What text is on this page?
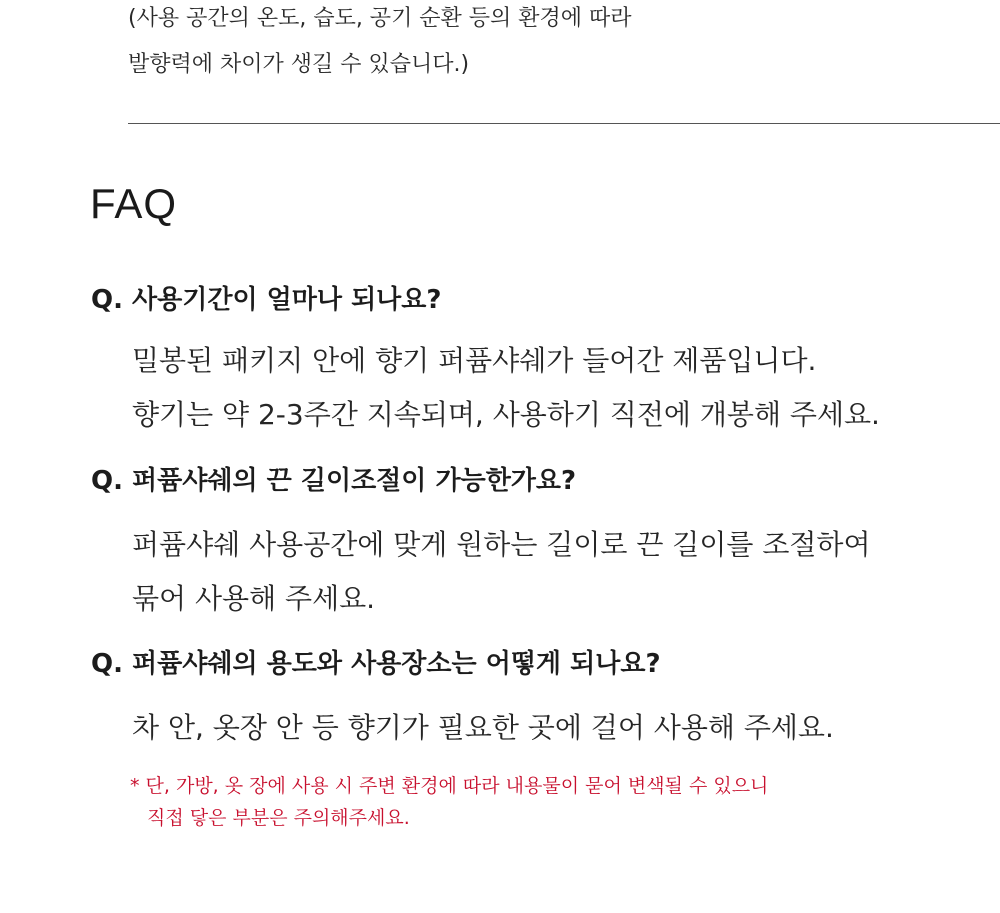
(사용 공간의 온도, 습도, 공기 순환 등의 환경에 따라
발향력에 차이가 생길 수 있습니다.)
FAQ
Q. 사용기간이 얼마나 되나요?
밀봉된 패키지 안에 향기 퍼퓸샤쉐가 들어간 제품입니다.
향기는 약 2-3주간 지속되며, 사용하기 직전에 개봉해 주세요.
Q. 퍼퓸샤쉐의 끈 길이조절이 가능한가요?
퍼퓸샤쉐 사용공간에 맞게 원하는 길이로 끈 길이를 조절하여
묶어 사용해 주세요.
Q. 퍼퓸샤쉐의 용도와 사용장소는 어떻게 되나요?
차 안, 옷장 안 등 향기가 필요한 곳에 걸어 사용해 주세요.
* 단, 가방, 옷 장에 사용 시 주변 환경에 따라 내용물이 묻어 변색될 수 있으니
직접 닿은 부분은 주의해주세요.
